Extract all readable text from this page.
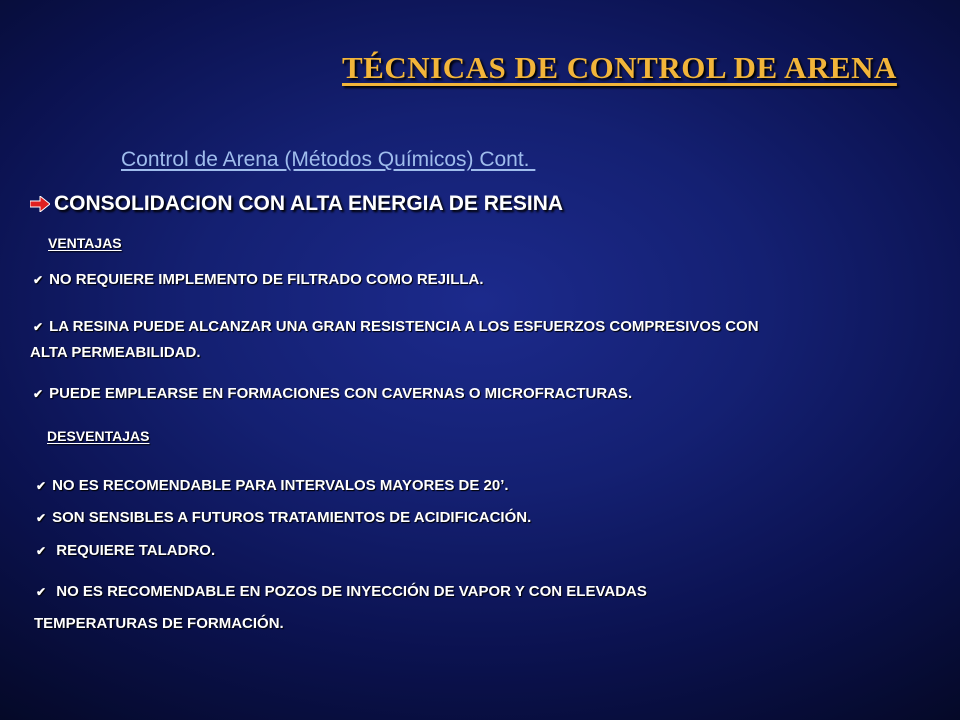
TÉCNICAS DE CONTROL DE ARENA
Control de Arena (Métodos Químicos) Cont.
CONSOLIDACION CON ALTA ENERGIA DE RESINA
VENTAJAS
✔ NO REQUIERE IMPLEMENTO DE FILTRADO COMO REJILLA.
✔ LA RESINA PUEDE ALCANZAR UNA GRAN RESISTENCIA A LOS ESFUERZOS COMPRESIVOS CON
ALTA PERMEABILIDAD.
✔ PUEDE EMPLEARSE EN FORMACIONES CON CAVERNAS O MICROFRACTURAS.
DESVENTAJAS
✔ NO ES RECOMENDABLE PARA INTERVALOS MAYORES DE 20’.
✔ SON SENSIBLES A FUTUROS TRATAMIENTOS DE ACIDIFICACIÓN.
✔ REQUIERE TALADRO.
✔ NO ES RECOMENDABLE EN POZOS DE INYECCIÓN DE VAPOR Y CON ELEVADAS
TEMPERATURAS DE FORMACIÓN.
